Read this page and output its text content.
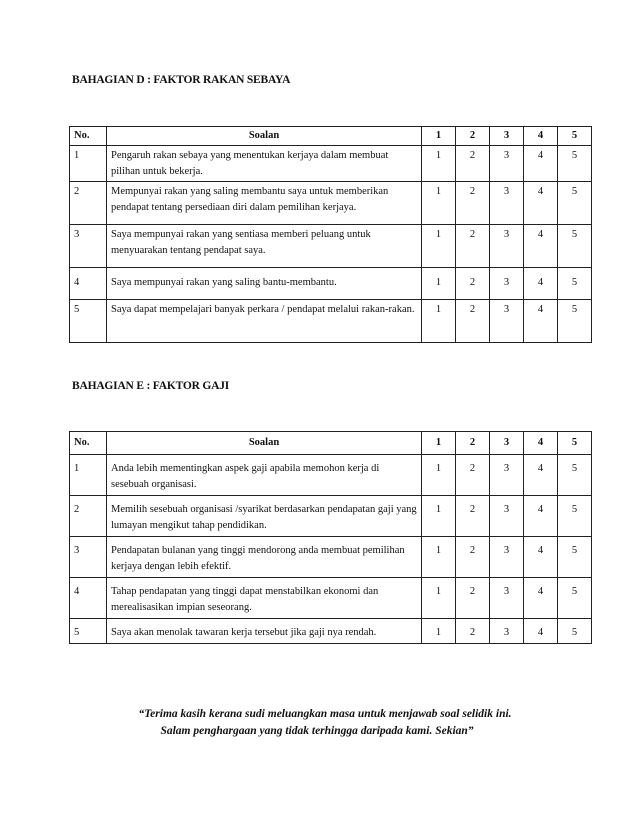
BAHAGIAN D : FAKTOR RAKAN SEBAYA
No.	Soalan	1	2	3	4	5
1	Pengaruh rakan sebaya yang menentukan kerjaya dalam membuat pilihan untuk bekerja.	1	2	3	4	5
2	Mempunyai rakan yang saling membantu saya untuk memberikan pendapat tentang persediaan diri dalam pemilihan kerjaya.	1	2	3	4	5
3	Saya mempunyai rakan yang sentiasa memberi peluang untuk menyuarakan tentang pendapat saya.	1	2	3	4	5
4	Saya mempunyai rakan yang saling bantu-membantu.	1	2	3	4	5
5	Saya dapat mempelajari banyak perkara / pendapat melalui rakan-rakan.	1	2	3	4	5
BAHAGIAN E : FAKTOR GAJI
No.	Soalan	1	2	3	4	5
1	Anda lebih mementingkan aspek gaji apabila memohon kerja di sesebuah organisasi.	1	2	3	4	5
2	Memilih sesebuah organisasi /syarikat berdasarkan pendapatan gaji yang lumayan mengikut tahap pendidikan.	1	2	3	4	5
3	Pendapatan bulanan yang tinggi mendorong anda membuat pemilihan kerjaya dengan lebih efektif.	1	2	3	4	5
4	Tahap pendapatan yang tinggi dapat menstabilkan ekonomi dan merealisasikan impian seseorang.	1	2	3	4	5
5	Saya akan menolak tawaran kerja tersebut jika gaji nya rendah.	1	2	3	4	5
“Terima kasih kerana sudi meluangkan masa untuk menjawab soal selidik ini.
Salam penghargaan yang tidak terhingga daripada kami. Sekian”
